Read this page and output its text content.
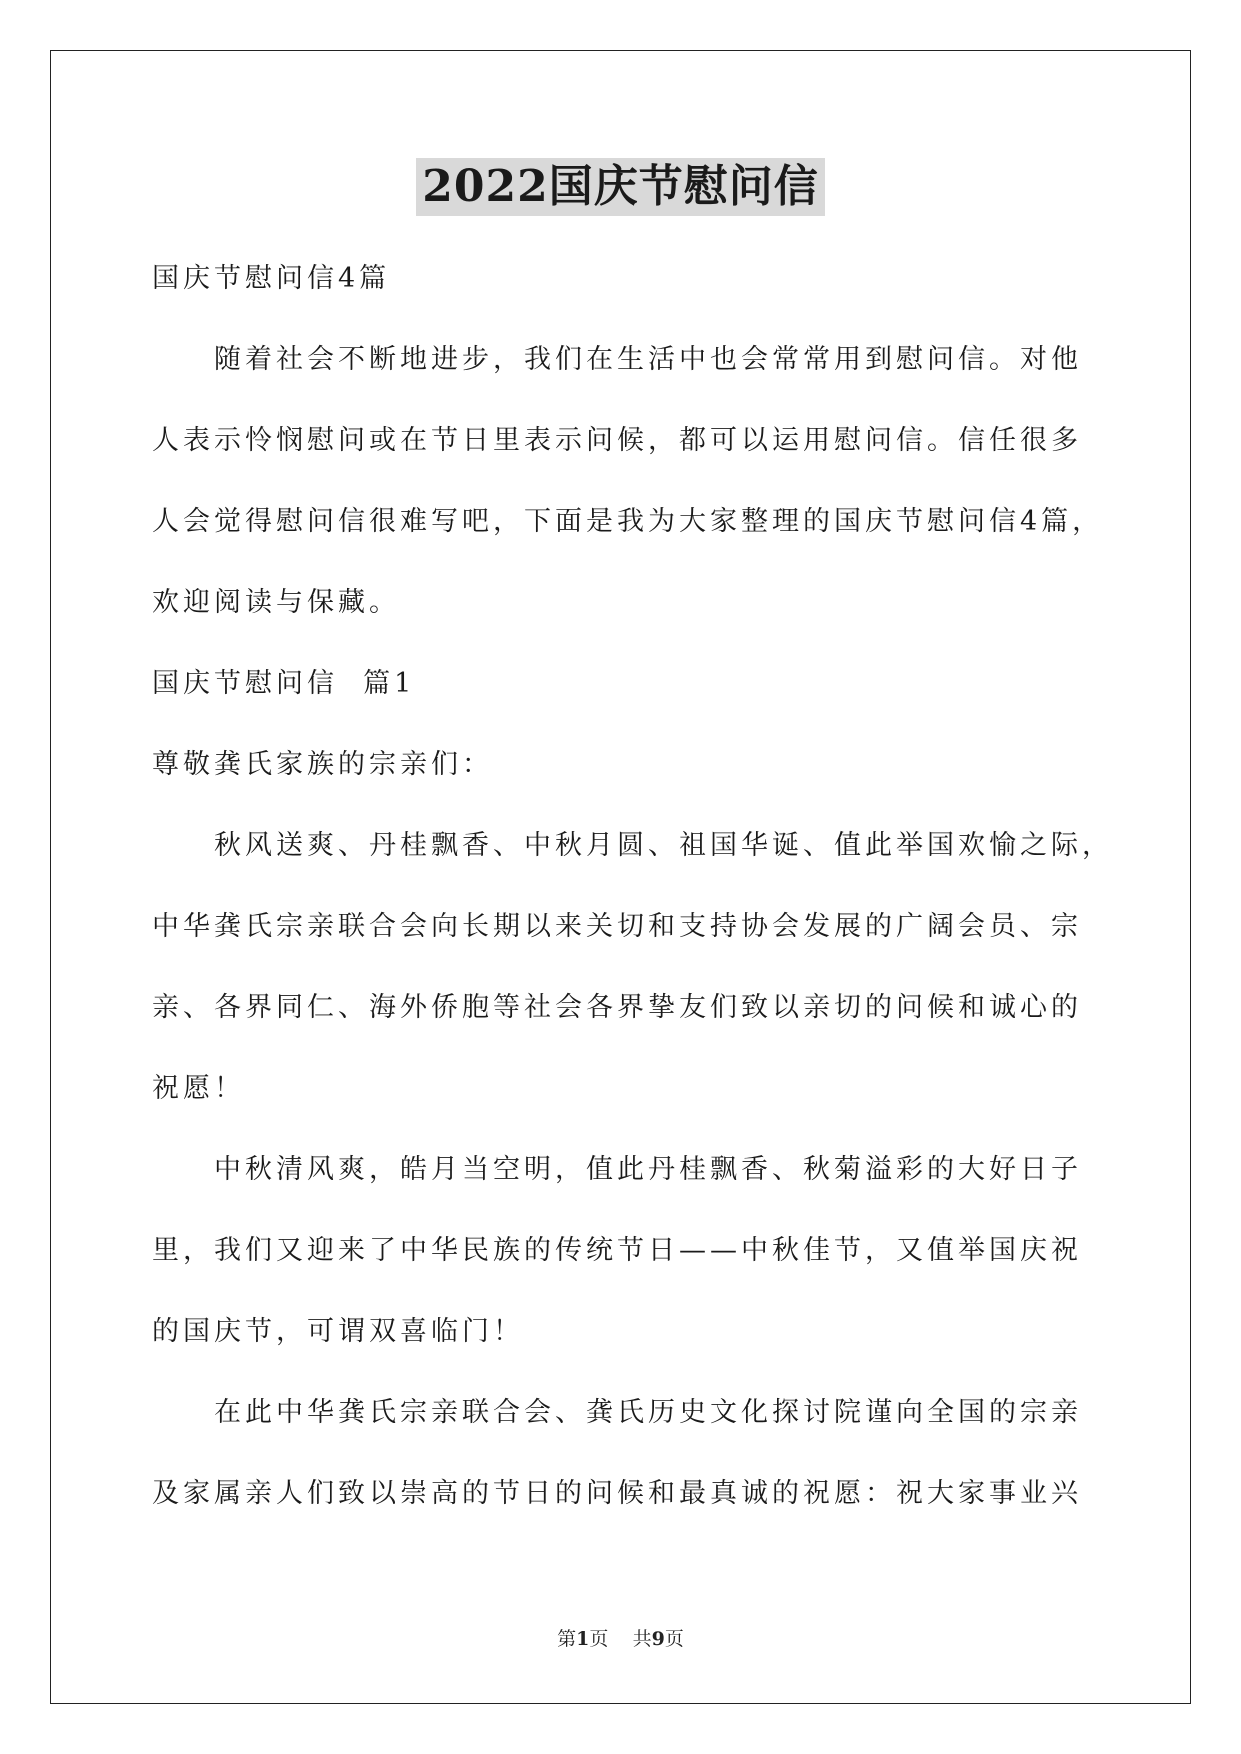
2022国庆节慰问信
国庆节慰问信4篇
随着社会不断地进步，我们在生活中也会常常用到慰问信。对他
人表示怜悯慰问或在节日里表示问候，都可以运用慰问信。信任很多
人会觉得慰问信很难写吧，下面是我为大家整理的国庆节慰问信4篇，
欢迎阅读与保藏。
国庆节慰问信  篇1
尊敬龚氏家族的宗亲们：
秋风送爽、丹桂飘香、中秋月圆、祖国华诞、值此举国欢愉之际，
中华龚氏宗亲联合会向长期以来关切和支持协会发展的广阔会员、宗
亲、各界同仁、海外侨胞等社会各界挚友们致以亲切的问候和诚心的
祝愿！
中秋清风爽，皓月当空明，值此丹桂飘香、秋菊溢彩的大好日子
里，我们又迎来了中华民族的传统节日——中秋佳节，又值举国庆祝
的国庆节，可谓双喜临门！
在此中华龚氏宗亲联合会、龚氏历史文化探讨院谨向全国的宗亲
及家属亲人们致以崇高的节日的问候和最真诚的祝愿：祝大家事业兴
第1页 共9页
